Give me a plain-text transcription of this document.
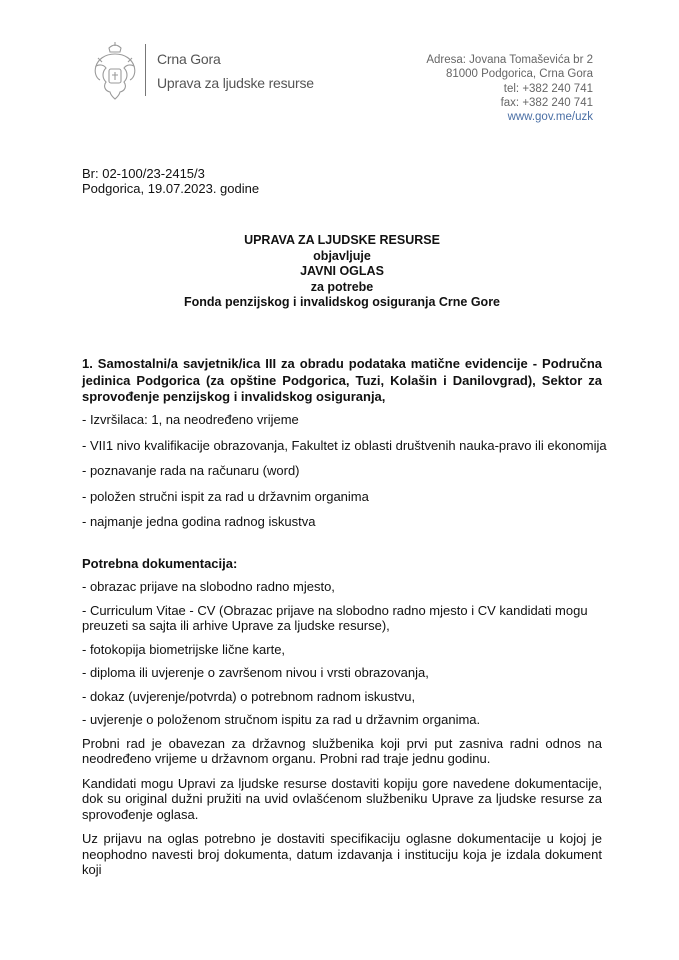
Crna Gora
Uprava za ljudske resurse
Adresa: Jovana Tomaševića br 2
81000 Podgorica, Crna Gora
tel: +382 240 741
fax: +382 240 741
www.gov.me/uzk
Br: 02-100/23-2415/3
Podgorica, 19.07.2023. godine
UPRAVA ZA LJUDSKE RESURSE
objavljuje
JAVNI OGLAS
za potrebe
Fonda penzijskog i invalidskog osiguranja Crne Gore
1. Samostalni/a savjetnik/ica III za obradu podataka matične evidencije - Područna jedinica Podgorica (za opštine Podgorica, Tuzi, Kolašin i Danilovgrad), Sektor za sprovođenje penzijskog i invalidskog osiguranja,
- Izvršilaca: 1, na neodređeno vrijeme
- VII1 nivo kvalifikacije obrazovanja, Fakultet iz oblasti društvenih nauka-pravo ili ekonomija
- poznavanje rada na računaru (word)
- položen stručni ispit za rad u državnim organima
- najmanje jedna godina radnog iskustva
Potrebna dokumentacija:

- obrazac prijave na slobodno radno mjesto,

- Curriculum Vitae - CV (Obrazac prijave na slobodno radno mjesto i CV kandidati mogu preuzeti sa sajta ili arhive Uprave za ljudske resurse),

- fotokopija biometrijske lične karte,

- diploma ili uvjerenje o završenom nivou i vrsti obrazovanja,

- dokaz (uvjerenje/potvrda) o potrebnom radnom iskustvu,

- uvjerenje o položenom stručnom ispitu za rad u državnim organima.

Probni rad je obavezan za državnog službenika koji prvi put zasniva radni odnos na neodređeno vrijeme u državnom organu. Probni rad traje jednu godinu.

Kandidati mogu Upravi za ljudske resurse dostaviti kopiju gore navedene dokumentacije, dok su original dužni pružiti na uvid ovlašćenom službeniku Uprave za ljudske resurse za sprovođenje oglasa.

Uz prijavu na oglas potrebno je dostaviti specifikaciju oglasne dokumentacije u kojoj je neophodno navesti broj dokumenta, datum izdavanja i instituciju koja je izdala dokument koji
